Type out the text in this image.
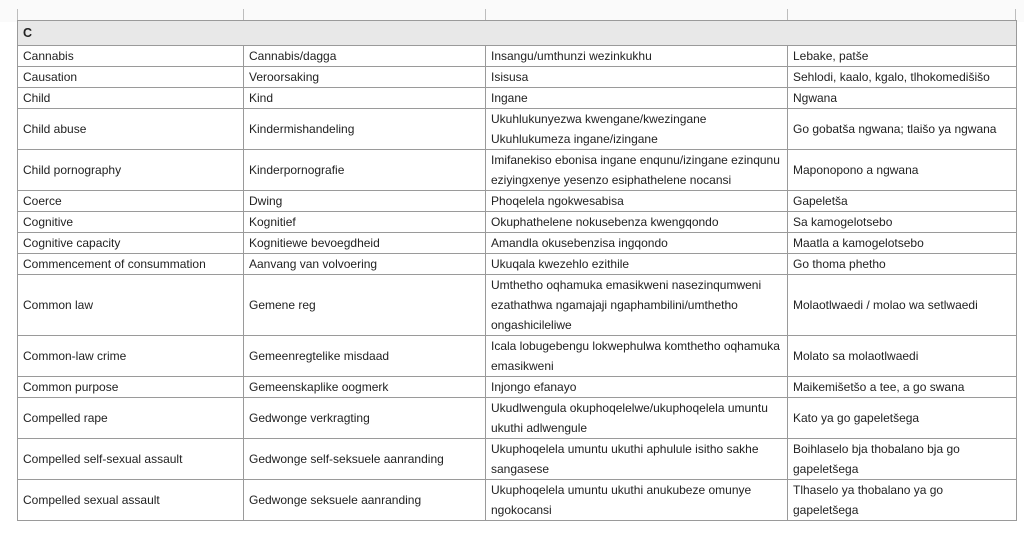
C			
Cannabis	Cannabis/dagga	Insangu/umthunzi wezinkukhu	Lebake, patše
Causation	Veroorsaking	Isisusa	Sehlodi, kaalo, kgalo, tlhokomedišišo
Child	Kind	Ingane	Ngwana
Child abuse	Kindermishandeling	Ukuhlukunyezwa kwengane/kwezingane Ukuhlukumeza ingane/izingane	Go gobatša ngwana; tlaišo ya ngwana
Child pornography	Kinderpornografie	Imifanekiso ebonisa ingane enqunu/izingane ezinqunu eziyingxenye yesenzo esiphathelene nocansi	Maponopono a ngwana
Coerce	Dwing	Phoqelela ngokwesabisa	Gapeletša
Cognitive	Kognitief	Okuphathelene nokusebenza kwengqondo	Sa kamogelotsebo
Cognitive capacity	Kognitiewe bevoegdheid	Amandla okusebenzisa ingqondo	Maatla a kamogelotsebo
Commencement of consummation	Aanvang van volvoering	Ukuqala kwezehlo ezithile	Go thoma phetho
Common law	Gemene reg	Umthetho oqhamuka emasikweni nasezinqumweni ezathathwa ngamajaji ngaphambilini/umthetho ongashicileliwe	Molaotlwaedi / molao wa setlwaedi
Common-law crime	Gemeenregtelike misdaad	Icala lobugebengu lokwephulwa komthetho oqhamuka emasikweni	Molato sa molaotlwaedi
Common purpose	Gemeenskaplike oogmerk	Injongo efanayo	Maikemišetšo a tee, a go swana
Compelled rape	Gedwonge verkragting	Ukudlwengula okuphoqelelwe/ukuphoqelela umuntu ukuthi adlwengule	Kato ya go gapeletšega
Compelled self-sexual assault	Gedwonge self-seksuele aanranding	Ukuphoqelela umuntu ukuthi aphulule isitho sakhe sangasese	Boihlaselo bja thobalano bja go gapeletšega
Compelled sexual assault	Gedwonge seksuele aanranding	Ukuphoqelela umuntu ukuthi anukubeze omunye ngokocansi	Tlhaselo ya thobalano ya go gapeletšega
